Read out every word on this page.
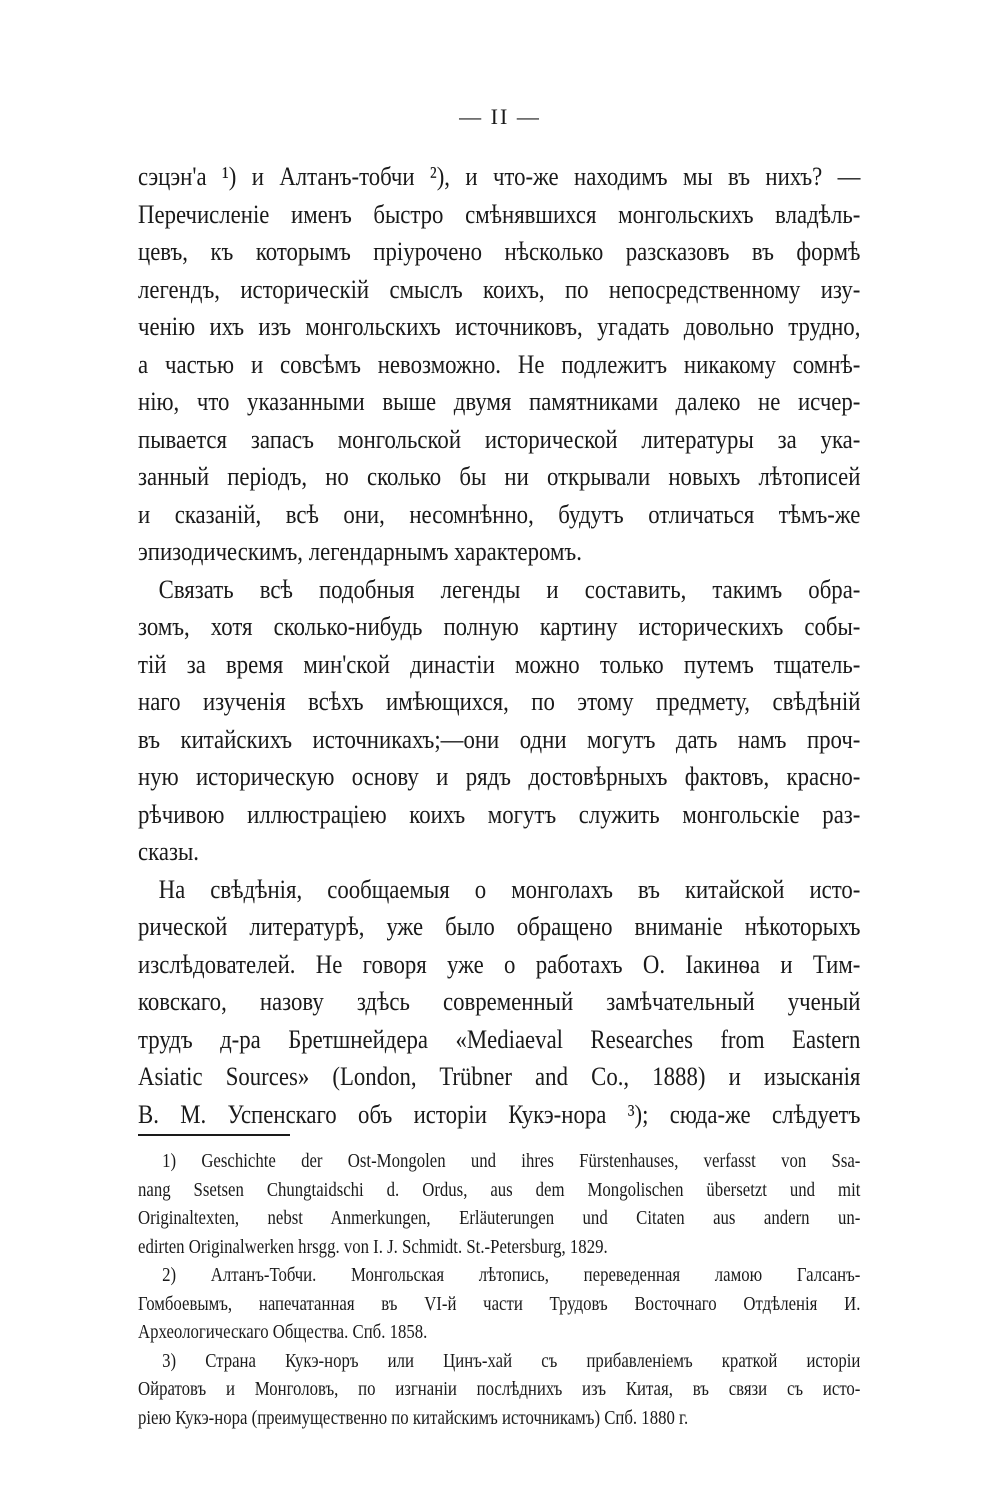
— II —
сэцэн'а ¹) и Алтанъ-тобчи ²), и что-же находимъ мы въ нихъ? —
Перечисленіе именъ быстро смѣнявшихся монгольскихъ владѣль-
цевъ, къ которымъ пріурочено нѣсколько разсказовъ въ формѣ
легендъ, историческій смыслъ коихъ, по непосредственному изу-
ченію ихъ изъ монгольскихъ источниковъ, угадать довольно трудно,
а частью и совсѣмъ невозможно. Не подлежитъ никакому сомнѣ-
нію, что указанными выше двумя памятниками далеко не исчер-
пывается запасъ монгольской исторической литературы за ука-
занный періодъ, но сколько бы ни открывали новыхъ лѣтописей
и сказаній, всѣ они, несомнѣнно, будутъ отличаться тѣмъ-же
эпизодическимъ, легендарнымъ характеромъ.
Связать всѣ подобныя легенды и составить, такимъ обра-
зомъ, хотя сколько-нибудь полную картину историческихъ собы-
тій за время мин'ской династіи можно только путемъ тщатель-
наго изученія всѣхъ имѣющихся, по этому предмету, свѣдѣній
въ китайскихъ источникахъ;—они одни могутъ дать намъ проч-
ную историческую основу и рядъ достовѣрныхъ фактовъ, красно-
рѣчивою иллюстраціею коихъ могутъ служить монгольскіе раз-
сказы.
На свѣдѣнія, сообщаемыя о монголахъ въ китайской исто-
рической литературѣ, уже было обращено вниманіе нѣкоторыхъ
изслѣдователей. Не говоря уже о работахъ О. Іакинѳа и Тим-
ковскаго, назову здѣсь современный замѣчательный ученый
трудъ д-ра Бретшнейдера «Mediaeval Researches from Eastern
Asiatic Sources» (London, Trübner and Co., 1888) и изысканія
В. М. Успенскаго объ исторіи Кукэ-нора ³); сюда-же слѣдуетъ
1) Geschichte der Ost-Mongolen und ihres Fürstenhauses, verfasst von Ssa-
nang Ssetsen Chungtaidschi d. Ordus, aus dem Mongolischen übersetzt und mit
Originaltexten, nebst Anmerkungen, Erläuterungen und Citaten aus andern un-
edirten Originalwerken hrsgg. von I. J. Schmidt. St.-Petersburg, 1829.
2) Алтанъ-Тобчи. Монгольская лѣтопись, переведенная ламою Галсанъ-
Гомбоевымъ, напечатанная въ VI-й части Трудовъ Восточнаго Отдѣленія И.
Археологическаго Общества. Спб. 1858.
3) Страна Кукэ-норъ или Цинъ-хай съ прибавленіемъ краткой исторіи
Ойратовъ и Монголовъ, по изгнаніи послѣднихъ изъ Китая, въ связи съ исто-
ріею Кукэ-нора (преимущественно по китайскимъ источникамъ) Спб. 1880 г.
